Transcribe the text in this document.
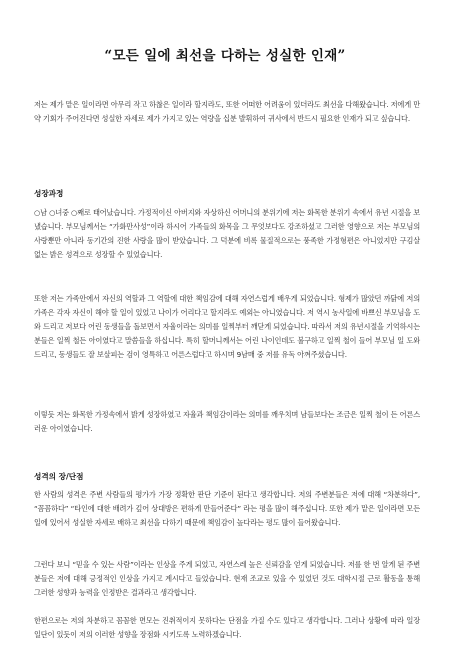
“모든 일에 최선을 다하는 성실한 인재”

저는 제가 맡은 일이라면 아무리 작고 하찮은 일이라 할지라도, 또한 어떠한 어려움이 있더라도 최선을 다해왔습니다. 저에게 만약 기회가 주어진다면 성실한 자세로 제가 가지고 있는 역량을 십분 발휘하여 귀사에서 반드시 필요한 인재가 되고 싶습니다.

성장과정

○남 ○녀중 ○째로 태어났습니다. 가정적이신 아버지와 자상하신 어머니의 분위기에 저는 화목한 분위기 속에서 유년 시절을 보냈습니다. 부모님께서는 “가화만사성”이라 하시어 가족들의 화목을 그 무엇보다도 강조하셨고 그러한 영향으로 저는 부모님의 사랑뿐만 아니라 동기간의 진한 사랑을 많이 받았습니다. 그 덕분에 비록 물질적으로는 풍족한 가정형편은 아니었지만 구김살 없는 밝은 성격으로 성장할 수 있었습니다.

또한 저는 가족안에서 자신의 역할과 그 역할에 대한 책임감에 대해 자연스럽게 배우게 되었습니다. 형제가 많았던 까닭에 저의 가족은 각자 자신이 해야 할 일이 있었고 나이가 어리다고 할지라도 예외는 아니였습니다. 저 역시 농사일에 바쁘신 부모님을 도와 드리고 저보다 어린 동생들을 돌보면서 자율이라는 의미를 일찍부터 깨닫게 되었습니다. 따라서 저의 유년시절을 기억하시는 분들은 일찍 철든 아이였다고 말씀들을 하십니다. 특히 할머니께서는 어린 나이인데도 불구하고 일찍 철이 들어 부모님 일 도와 드리고, 동생들도 잘 보살피는 검이 영특하고 어른스럽다고 하시며 9남매 중 저를 유독 아껴주셨습니다.

이렇듯 저는 화목한 가정속에서 밝게 성장하였고 자율과 책임감이라는 의미를 깨우치며 남들보다는 조금은 일찍 철이 든 어른스러운 아이였습니다.

성격의 장/단점

한 사람의 성격은 주변 사람들의 평가가 가장 정확한 판단 기준이 된다고 생각합니다. 저의 주변분들은 저에 대해 “차분하다”, “꼼꼼하다” “타인에 대한 배려가 깊어 상대방은 편하게 만들어준다” 라는 평을 많이 해주십니다. 또한 제가 맡은 일이라면 모든 일에 있어서 성실한 자세로 배하고 최선을 다하기 때문에 책임감이 높다라는 평도 많이 들어왔습니다.

그런다 보니 “믿을 수 있는 사람”이라는 인상을 주게 되었고, 자연스레 높은 신뢰감을 얻게 되었습니다. 저를 한 번 알게 된 주변 분들은 저에 대해 긍정적인 인상을 가지고 계시다고 들었습니다. 현재 조교로 있을 수 있었던 것도 대학시절 근로 활동을 통해 그러한 성향과 능력을 인정받은 결과라고 생각합니다.

한편으로는 저의 차분하고 꼼꼼한 면모는 진취적이지 못하다는 단점을 가질 수도 있다고 생각합니다. 그러나 상황에 따라 일장일단이 있듯이 저의 이러한 성향을 장점화 시키도록 노력하겠습니다.
